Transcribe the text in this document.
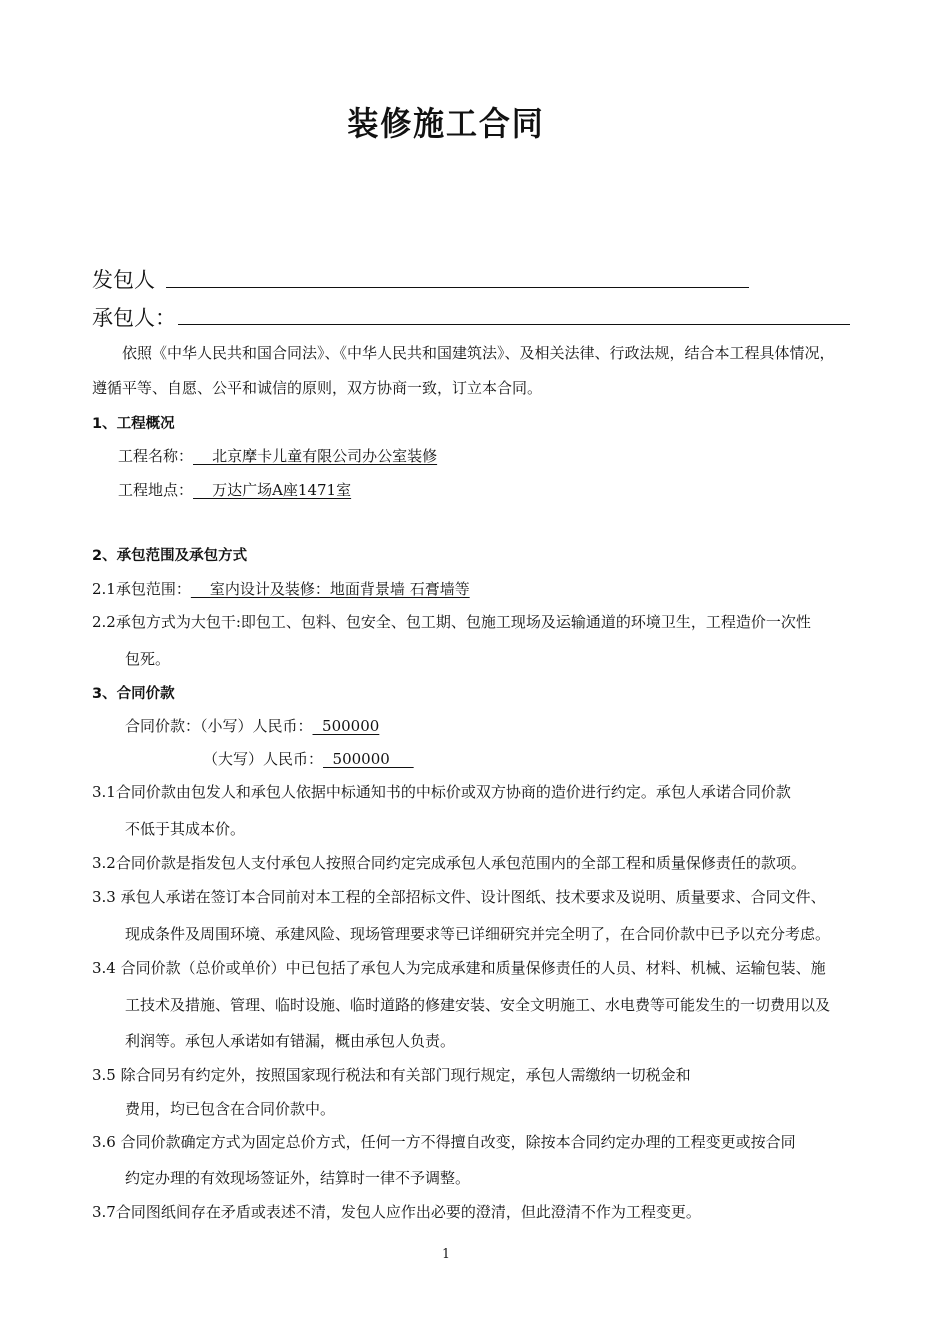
装修施工合同
发包人
承包人：
依照《中华人民共和国合同法》、《中华人民共和国建筑法》、及相关法律、行政法规，结合本工程具体情况，
遵循平等、自愿、公平和诚信的原则，双方协商一致，订立本合同。
1、工程概况
工程名称：    北京摩卡儿童有限公司办公室装修
工程地点：    万达广场A座1471室
2、承包范围及承包方式
2.1承包范围：    室内设计及装修：地面背景墙 石膏墙等
2.2承包方式为大包干:即包工、包料、包安全、包工期、包施工现场及运输通道的环境卫生，工程造价一次性
包死。
3、合同价款
合同价款：（小写）人民币：  500000
（大写）人民币：  500000
3.1合同价款由包发人和承包人依据中标通知书的中标价或双方协商的造价进行约定。承包人承诺合同价款
不低于其成本价。
3.2合同价款是指发包人支付承包人按照合同约定完成承包人承包范围内的全部工程和质量保修责任的款项。
3.3 承包人承诺在签订本合同前对本工程的全部招标文件、设计图纸、技术要求及说明、质量要求、合同文件、
现成条件及周围环境、承建风险、现场管理要求等已详细研究并完全明了，在合同价款中已予以充分考虑。
3.4 合同价款（总价或单价）中已包括了承包人为完成承建和质量保修责任的人员、材料、机械、运输包装、施
工技术及措施、管理、临时设施、临时道路的修建安装、安全文明施工、水电费等可能发生的一切费用以及
利润等。承包人承诺如有错漏，概由承包人负责。
3.5 除合同另有约定外，按照国家现行税法和有关部门现行规定，承包人需缴纳一切税金和
费用，均已包含在合同价款中。
3.6 合同价款确定方式为固定总价方式，任何一方不得擅自改变，除按本合同约定办理的工程变更或按合同
约定办理的有效现场签证外，结算时一律不予调整。
3.7合同图纸间存在矛盾或表述不清，发包人应作出必要的澄清，但此澄清不作为工程变更。
1
